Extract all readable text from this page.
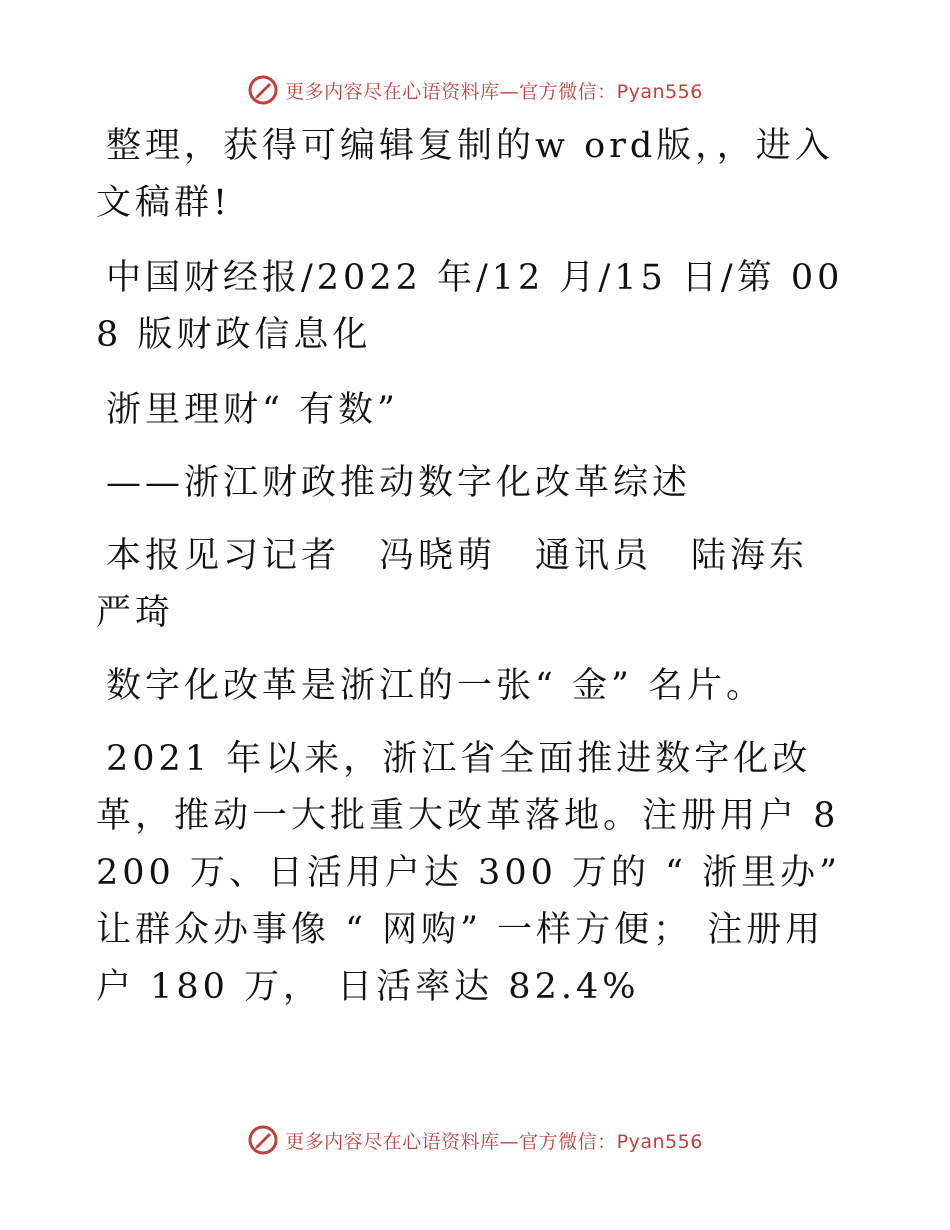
更多内容尽在心语资料库—官方微信：Pyan556

整理，获得可编辑复制的w ord版，，进入文稿群!

中国财经报/2022 年/12 月/15 日/第 008 版财政信息化

浙里理财“ 有数”

——浙江财政推动数字化改革综述

本报见习记者　冯晓萌　通讯员　陆海东　严琦

数字化改革是浙江的一张“ 金” 名片。

2021 年以来，浙江省全面推进数字化改革，推动一大批重大改革落地。注册用户 8200 万、日活用户达 300 万的 “ 浙里办” 让群众办事像 “ 网购” 一样方便； 注册用户 180 万， 日活率达 82.4%

更多内容尽在心语资料库—官方微信：Pyan556
